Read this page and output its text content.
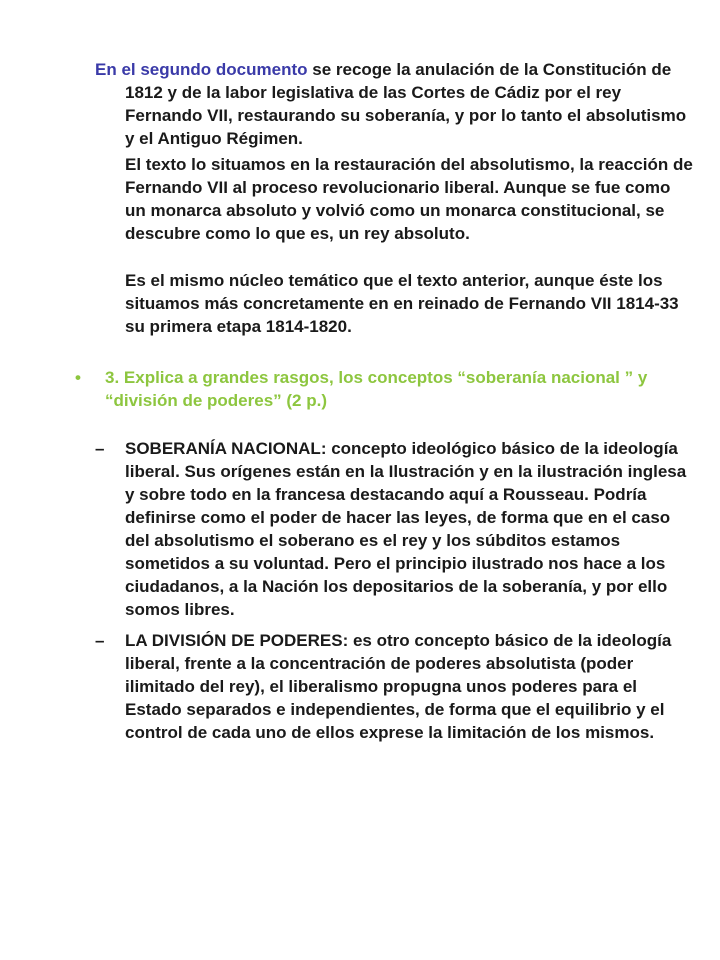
En el segundo documento se recoge la anulación de la Constitución de 1812 y de la labor legislativa de las Cortes de Cádiz por el rey Fernando VII, restaurando su soberanía, y por lo tanto el absolutismo y el Antiguo Régimen.

El texto lo situamos en la restauración del absolutismo, la reacción de Fernando VII al proceso revolucionario liberal. Aunque se fue como un monarca absoluto y volvió como un monarca constitucional, se descubre como lo que es, un rey absoluto.

Es el mismo núcleo temático que el texto anterior, aunque éste los situamos más concretamente en en reinado de Fernando VII 1814-33 su primera etapa 1814-1820.

• 3. Explica a grandes rasgos, los conceptos “soberanía nacional ” y “división de poderes” (2 p.)
– SOBERANÍA NACIONAL: concepto ideológico básico de la ideología liberal. Sus orígenes están en la Ilustración y en la ilustración inglesa y sobre todo en la francesa destacando aquí a Rousseau. Podría definirse como el poder de hacer las leyes, de forma que en el caso del absolutismo el soberano es el rey y los súbditos estamos sometidos a su voluntad. Pero el principio ilustrado nos hace a los ciudadanos, a la Nación los depositarios de la soberanía, y por ello somos libres.
– LA DIVISIÓN DE PODERES: es otro concepto básico de la ideología liberal, frente a la concentración de poderes absolutista (poder ilimitado del rey), el liberalismo propugna unos poderes para el Estado separados e independientes, de forma que el equilibrio y el control de cada uno de ellos exprese la limitación de los mismos.
